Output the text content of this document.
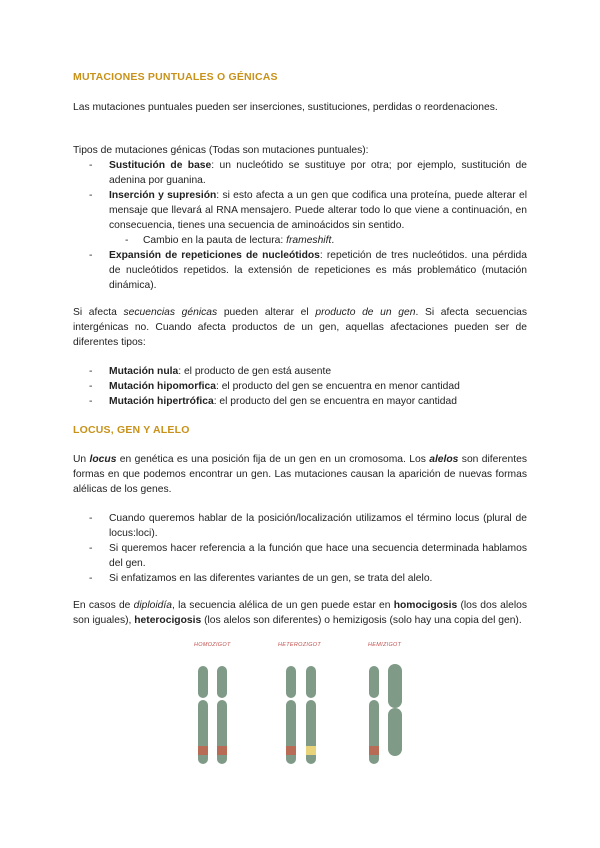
MUTACIONES PUNTUALES O GÉNICAS
Las mutaciones puntuales pueden ser inserciones, sustituciones, perdidas o reordenaciones.
Tipos de mutaciones génicas (Todas son mutaciones puntuales):
- Sustitución de base: un nucleótido se sustituye por otra; por ejemplo, sustitución de adenina por guanina.
- Inserción y supresión: si esto afecta a un gen que codifica una proteína, puede alterar el mensaje que llevará al RNA mensajero. Puede alterar todo lo que viene a continuación, en consecuencia, tienes una secuencia de aminoácidos sin sentido.
- Cambio en la pauta de lectura: frameshift.
- Expansión de repeticiones de nucleótidos: repetición de tres nucleótidos. una pérdida de nucleótidos repetidos. la extensión de repeticiones es más problemático (mutación dinámica).
Si afecta secuencias génicas pueden alterar el producto de un gen. Si afecta secuencias intergénicas no. Cuando afecta productos de un gen, aquellas afectaciones pueden ser de diferentes tipos:
- Mutación nula: el producto de gen está ausente
- Mutación hipomorfica: el producto del gen se encuentra en menor cantidad
- Mutación hipertrófica: el producto del gen se encuentra en mayor cantidad
LOCUS, GEN Y ALELO
Un locus en genética es una posición fija de un gen en un cromosoma. Los alelos son diferentes formas en que podemos encontrar un gen. Las mutaciones causan la aparición de nuevas formas alélicas de los genes.
- Cuando queremos hablar de la posición/localización utilizamos el término locus (plural de locus:loci).
- Si queremos hacer referencia a la función que hace una secuencia determinada hablamos del gen.
- Si enfatizamos en las diferentes variantes de un gen, se trata del alelo.
En casos de diploidía, la secuencia alélica de un gen puede estar en homocigosis (los dos alelos son iguales), heterocigosis (los alelos son diferentes) o hemizigosis (solo hay una copia del gen).
HOMOZIGOT	HETEROZIGOT	HEMIZIGOT
